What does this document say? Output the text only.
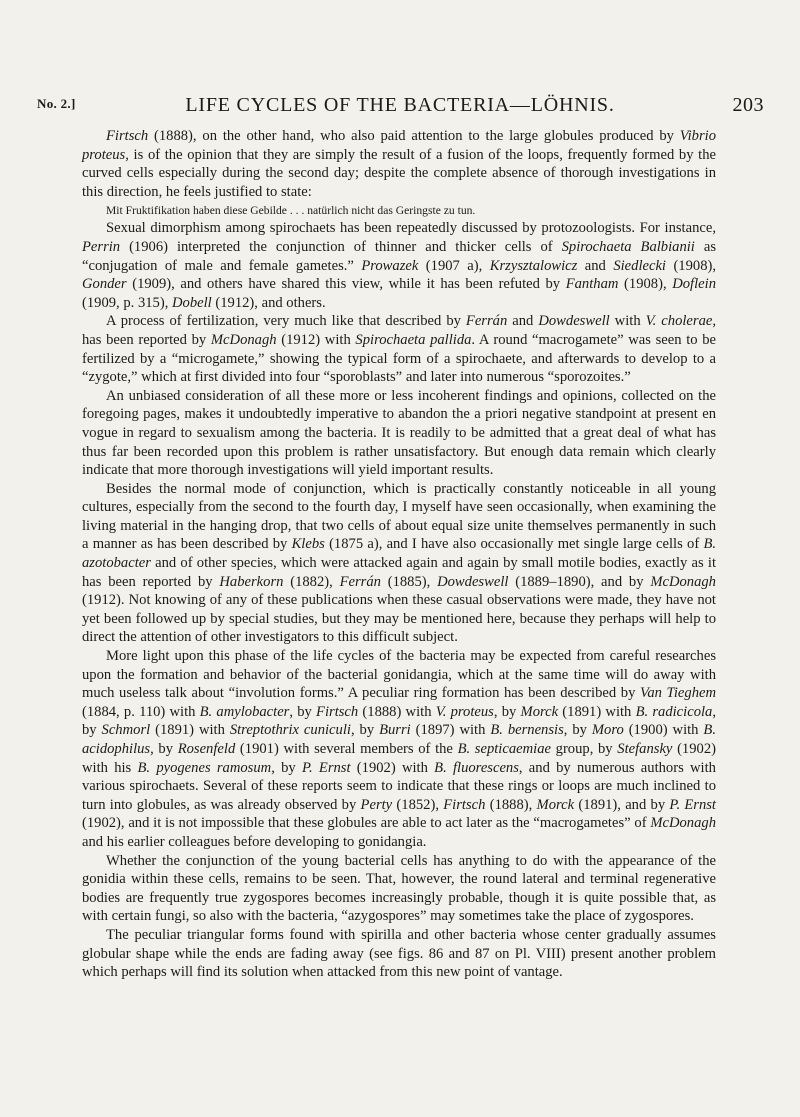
No. 2.]	LIFE CYCLES OF THE BACTERIA—LÖHNIS.	203

Firtsch (1888), on the other hand, who also paid attention to the large globules produced by Vibrio proteus, is of the opinion that they are simply the result of a fusion of the loops, frequently formed by the curved cells especially during the second day; despite the complete absence of thorough investigations in this direction, he feels justified to state:

Mit Fruktifikation haben diese Gebilde . . . natürlich nicht das Geringste zu tun.

Sexual dimorphism among spirochaets has been repeatedly discussed by protozoologists. For instance, Perrin (1906) interpreted the conjunction of thinner and thicker cells of Spirochaeta Balbianii as “conjugation of male and female gametes.” Prowazek (1907 a), Krzysztalowicz and Siedlecki (1908), Gonder (1909), and others have shared this view, while it has been refuted by Fantham (1908), Doflein (1909, p. 315), Dobell (1912), and others.

A process of fertilization, very much like that described by Ferrán and Dowdeswell with V. cholerae, has been reported by McDonagh (1912) with Spirochaeta pallida. A round “macrogamete” was seen to be fertilized by a “microgamete,” showing the typical form of a spirochaete, and afterwards to develop to a “zygote,” which at first divided into four “sporoblasts” and later into numerous “sporozoites.”

An unbiased consideration of all these more or less incoherent findings and opinions, collected on the foregoing pages, makes it undoubtedly imperative to abandon the a priori negative standpoint at present en vogue in regard to sexualism among the bacteria. It is readily to be admitted that a great deal of what has thus far been recorded upon this problem is rather unsatisfactory. But enough data remain which clearly indicate that more thorough investigations will yield important results.

Besides the normal mode of conjunction, which is practically constantly noticeable in all young cultures, especially from the second to the fourth day, I myself have seen occasionally, when examining the living material in the hanging drop, that two cells of about equal size unite themselves permanently in such a manner as has been described by Klebs (1875 a), and I have also occasionally met single large cells of B. azotobacter and of other species, which were attacked again and again by small motile bodies, exactly as it has been reported by Haberkorn (1882), Ferrán (1885), Dowdeswell (1889–1890), and by McDonagh (1912). Not knowing of any of these publications when these casual observations were made, they have not yet been followed up by special studies, but they may be mentioned here, because they perhaps will help to direct the attention of other investigators to this difficult subject.

More light upon this phase of the life cycles of the bacteria may be expected from careful researches upon the formation and behavior of the bacterial gonidangia, which at the same time will do away with much useless talk about “involution forms.” A peculiar ring formation has been described by Van Tieghem (1884, p. 110) with B. amylobacter, by Firtsch (1888) with V. proteus, by Morck (1891) with B. radicicola, by Schmorl (1891) with Streptothrix cuniculi, by Burri (1897) with B. bernensis, by Moro (1900) with B. acidophilus, by Rosenfeld (1901) with several members of the B. septicaemiae group, by Stefansky (1902) with his B. pyogenes ramosum, by P. Ernst (1902) with B. fluorescens, and by numerous authors with various spirochaets. Several of these reports seem to indicate that these rings or loops are much inclined to turn into globules, as was already observed by Perty (1852), Firtsch (1888), Morck (1891), and by P. Ernst (1902), and it is not impossible that these globules are able to act later as the “macrogametes” of McDonagh and his earlier colleagues before developing to gonidangia.

Whether the conjunction of the young bacterial cells has anything to do with the appearance of the gonidia within these cells, remains to be seen. That, however, the round lateral and terminal regenerative bodies are frequently true zygospores becomes increasingly probable, though it is quite possible that, as with certain fungi, so also with the bacteria, “azygospores” may sometimes take the place of zygospores.

The peculiar triangular forms found with spirilla and other bacteria whose center gradually assumes globular shape while the ends are fading away (see figs. 86 and 87 on Pl. VIII) present another problem which perhaps will find its solution when attacked from this new point of vantage.
